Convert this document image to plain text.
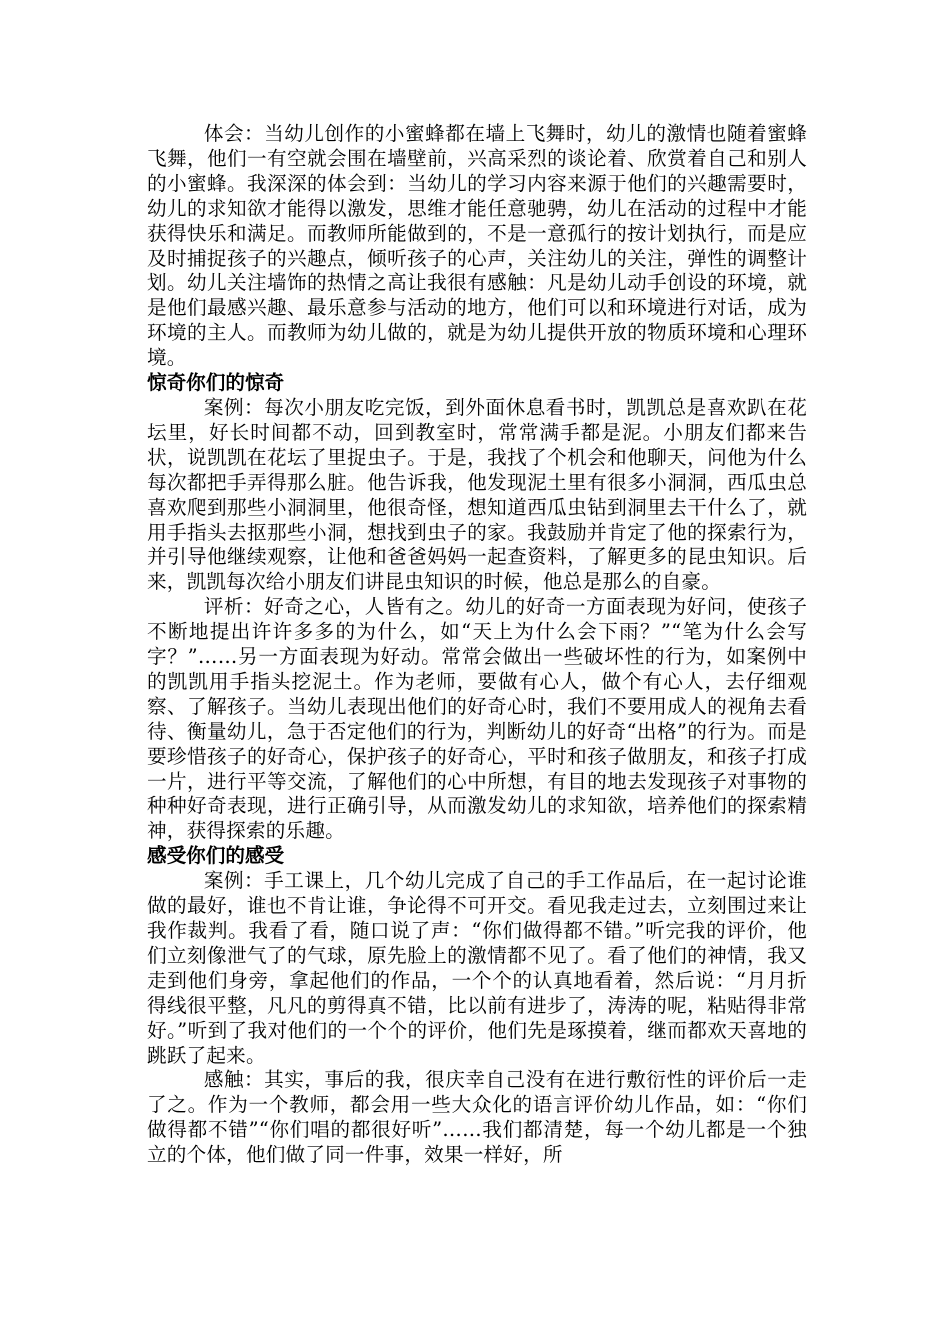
体会：当幼儿创作的小蜜蜂都在墙上飞舞时，幼儿的激情也随着蜜蜂飞舞，他们一有空就会围在墙壁前，兴高采烈的谈论着、欣赏着自己和别人的小蜜蜂。我深深的体会到：当幼儿的学习内容来源于他们的兴趣需要时，幼儿的求知欲才能得以激发，思维才能任意驰骋，幼儿在活动的过程中才能获得快乐和满足。而教师所能做到的，不是一意孤行的按计划执行，而是应及时捕捉孩子的兴趣点，倾听孩子的心声，关注幼儿的关注，弹性的调整计划。幼儿关注墙饰的热情之高让我很有感触：凡是幼儿动手创设的环境，就是他们最感兴趣、最乐意参与活动的地方，他们可以和环境进行对话，成为环境的主人。而教师为幼儿做的，就是为幼儿提供开放的物质环境和心理环境。

惊奇你们的惊奇

案例：每次小朋友吃完饭，到外面休息看书时，凯凯总是喜欢趴在花坛里，好长时间都不动，回到教室时，常常满手都是泥。小朋友们都来告状，说凯凯在花坛了里捉虫子。于是，我找了个机会和他聊天，问他为什么每次都把手弄得那么脏。他告诉我，他发现泥土里有很多小洞洞，西瓜虫总喜欢爬到那些小洞洞里，他很奇怪，想知道西瓜虫钻到洞里去干什么了，就用手指头去抠那些小洞，想找到虫子的家。我鼓励并肯定了他的探索行为，并引导他继续观察，让他和爸爸妈妈一起查资料，了解更多的昆虫知识。后来，凯凯每次给小朋友们讲昆虫知识的时候，他总是那么的自豪。

评析：好奇之心，人皆有之。幼儿的好奇一方面表现为好问，使孩子不断地提出许许多多的为什么，如“天上为什么会下雨？”“笔为什么会写字？”……另一方面表现为好动。常常会做出一些破坏性的行为，如案例中的凯凯用手指头挖泥土。作为老师，要做有心人，做个有心人，去仔细观察、了解孩子。当幼儿表现出他们的好奇心时，我们不要用成人的视角去看待、衡量幼儿，急于否定他们的行为，判断幼儿的好奇“出格”的行为。而是要珍惜孩子的好奇心，保护孩子的好奇心，平时和孩子做朋友，和孩子打成一片，进行平等交流，了解他们的心中所想，有目的地去发现孩子对事物的种种好奇表现，进行正确引导，从而激发幼儿的求知欲，培养他们的探索精神，获得探索的乐趣。

感受你们的感受

案例：手工课上，几个幼儿完成了自己的手工作品后，在一起讨论谁做的最好，谁也不肯让谁，争论得不可开交。看见我走过去，立刻围过来让我作裁判。我看了看，随口说了声：“你们做得都不错。”听完我的评价，他们立刻像泄气了的气球，原先脸上的激情都不见了。看了他们的神情，我又走到他们身旁，拿起他们的作品，一个个的认真地看着，然后说：“月月折得线很平整，凡凡的剪得真不错，比以前有进步了，涛涛的呢，粘贴得非常好。”听到了我对他们的一个个的评价，他们先是琢摸着，继而都欢天喜地的跳跃了起来。

感触：其实，事后的我，很庆幸自己没有在进行敷衍性的评价后一走了之。作为一个教师，都会用一些大众化的语言评价幼儿作品，如：“你们做得都不错”“你们唱的都很好听”……我们都清楚，每一个幼儿都是一个独立的个体，他们做了同一件事，效果一样好，所
